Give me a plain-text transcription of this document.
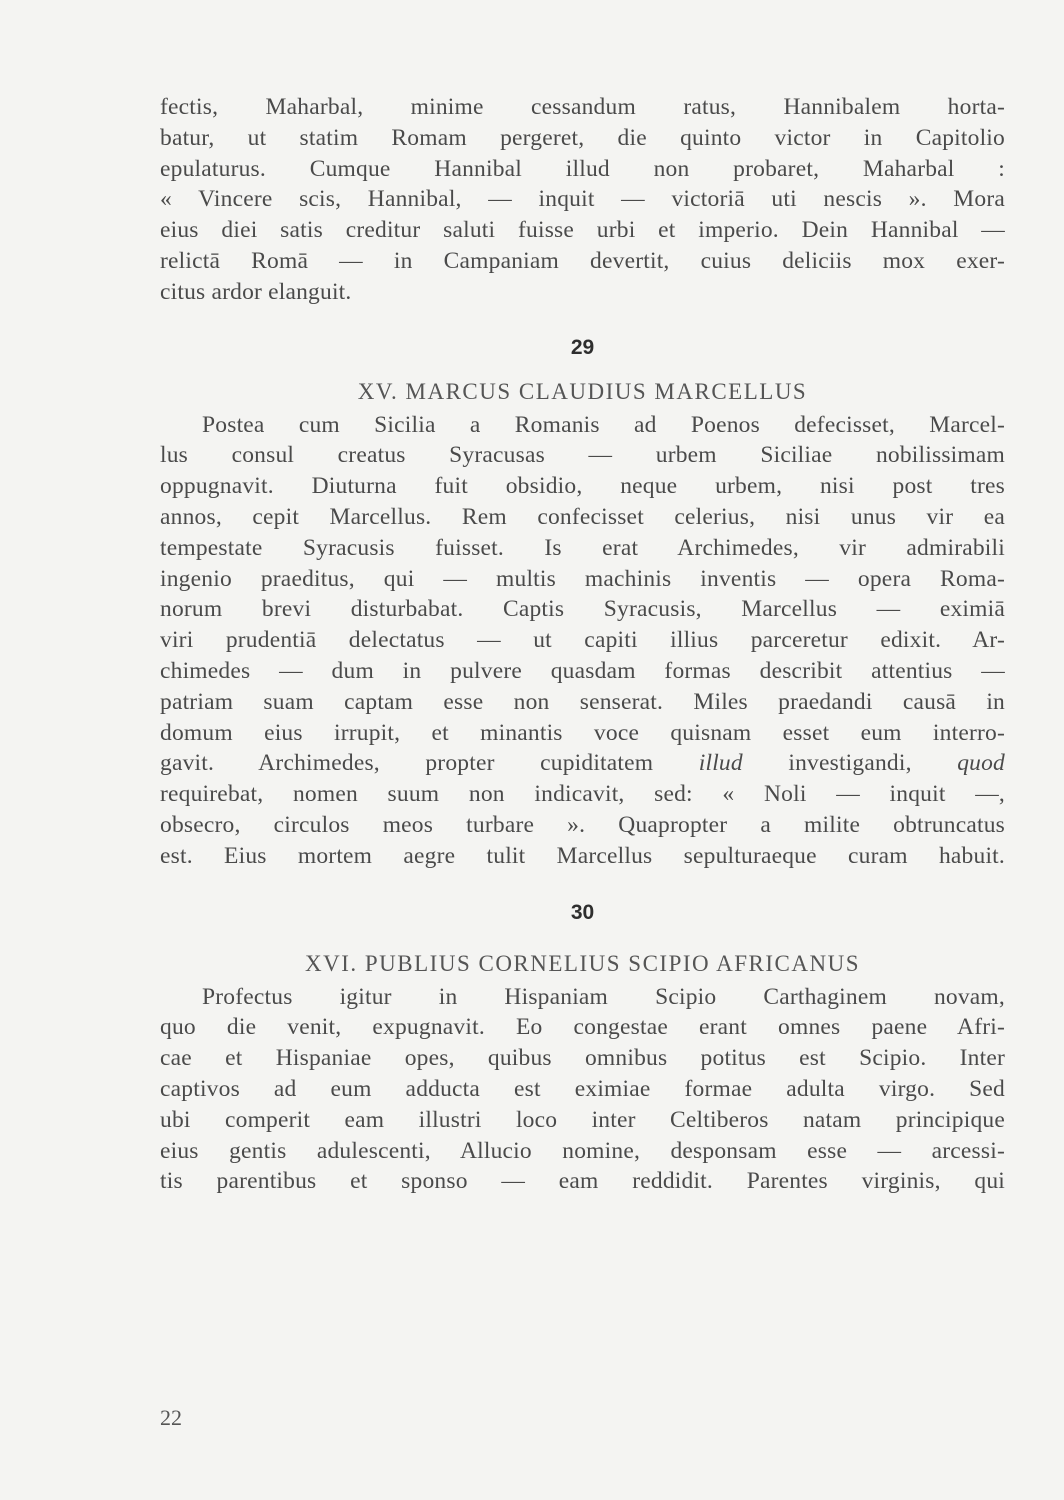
fectis, Maharbal, minime cessandum ratus, Hannibalem horta-
batur, ut statim Romam pergeret, die quinto victor in Capitolio
epulaturus. Cumque Hannibal illud non probaret, Maharbal :
« Vincere scis, Hannibal, — inquit — victoriā uti nescis ». Mora
eius diei satis creditur saluti fuisse urbi et imperio. Dein Hannibal —
relictā Romā — in Campaniam devertit, cuius deliciis mox exer-
citus ardor elanguit.
29
XV. MARCUS CLAUDIUS MARCELLUS
Postea cum Sicilia a Romanis ad Poenos defecisset, Marcel-
lus consul creatus Syracusas — urbem Siciliae nobilissimam
oppugnavit. Diuturna fuit obsidio, neque urbem, nisi post tres
annos, cepit Marcellus. Rem confecisset celerius, nisi unus vir ea
tempestate Syracusis fuisset. Is erat Archimedes, vir admirabili
ingenio praeditus, qui — multis machinis inventis — opera Roma-
norum brevi disturbabat. Captis Syracusis, Marcellus — eximiā
viri prudentiā delectatus — ut capiti illius parceretur edixit. Ar-
chimedes — dum in pulvere quasdam formas describit attentius —
patriam suam captam esse non senserat. Miles praedandi causā in
domum eius irrupit, et minantis voce quisnam esset eum interro-
gavit. Archimedes, propter cupiditatem illud investigandi, quod
requirebat, nomen suum non indicavit, sed: « Noli — inquit —,
obsecro, circulos meos turbare ». Quapropter a milite obtruncatus
est. Eius mortem aegre tulit Marcellus sepulturaeque curam habuit.
30
XVI. PUBLIUS CORNELIUS SCIPIO AFRICANUS
Profectus igitur in Hispaniam Scipio Carthaginem novam,
quo die venit, expugnavit. Eo congestae erant omnes paene Afri-
cae et Hispaniae opes, quibus omnibus potitus est Scipio. Inter
captivos ad eum adducta est eximiae formae adulta virgo. Sed
ubi comperit eam illustri loco inter Celtiberos natam principique
eius gentis adulescenti, Allucio nomine, desponsam esse — arcessi-
tis parentibus et sponso — eam reddidit. Parentes virginis, qui
22
